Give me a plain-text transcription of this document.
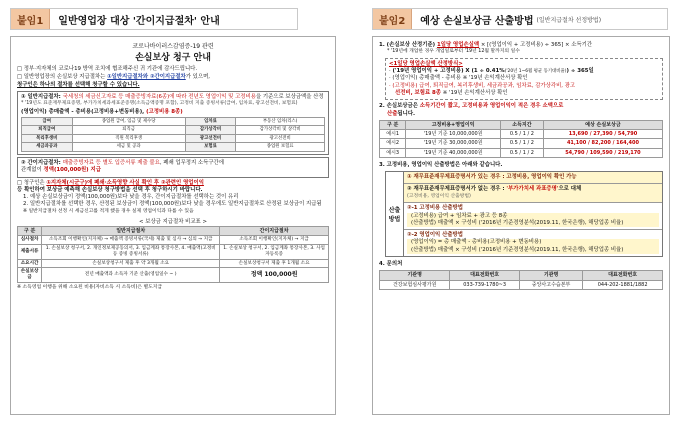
붙임1	일반영업장 대상 '간이지급절차' 안내	붙임2	예상 손실보상금 산출방법 (일반지급절차 선정방법)
코로나바이러스감염증-19 관련
손실보상 청구 안내
□ 정부·지자체의 코로나19 방역 조치에 협조해주신 귀 기관에 감사드립니다.
□ 일반영업장의 손실보상 지급절차는 ①일반지급절차와 ②간이지급절차가 있으며,
청구인은 하나의 절차를 선택해 청구할 수 있습니다.
① 일반지급절차: 국세청의 세금신고자료 등 매출증빙자료(6종)에 따라 전년도 영업이익 및 고정비용을 기준으로 보상금액을 산정
* '19년도 표준재무제표증명, 부가가치세과세표준증명(소득금액증명 포함), 고정비 지출 증빙서류(급여, 임차료, 광고선전비, 보험료)
(영업이익) 총매출액 - 총비용(고정비용+변동비용), (고정비용 8종)
급여	종업원 급여, 임금 및 제수당	임차료	부동산 임차(리스)
퇴직급여	퇴직금	감가상각비	감가상각비 및 상각비
복리후생비	직원 복리후생	광고선전비	광고선전비
세금과공과	세금 및 공과	보험료	종업원 보험료
② 간이지급절차: 매출증빙자료 등 별도 입증서류 제출 불요, 폐쇄 업무정지 소득구간에
관계없이 정액(100,000원) 지급
□ 청구인은 ①지자체(시군구)에 폐쇄·소득영향 사실 확인 후 ②관련인 영업이익
등 확인하여 보상금 예측해 손실보상 청구방법을 선택 후 청구하시기 바랍니다.
1. 예상 손실보상금이 정액(100,000원)보다 낮을 경우, 간이지급절차를 선택하는 것이 유리
2. 일반지급절차를 선택한 경우, 산정된 보상금이 정액(100,000원)보다 낮을 경우에도 일반지급절차로 산정된 보상금이 지급됨
※ 일반지급절차 선정 시 세금신고를 적게 했을 경우 실제 영업이익과 다를 수 있음
< 보상금 지급절차 비교표 >
구 분	일반지급절차	간이지급절차
심사절차	소득조회 이행확인(지자체) → 매출액 증빙서류(국세) 제출 및 심사 → 심의 → 지급	소득조회 이행확인(지자체) → 지급
제출서류	1. 손실보상 청구서, 2. 개인정보제공동의서, 3. 입금계좌 통장사본, 4. 매출액(고정비 등 증빙 증빙서류)	1. 손실보상 청구서, 2. 입금계좌 통장사본, 3. 사업자등록증
소요시간	손실보상청구서 제출 후 약 3개월 소요	손실보상청구서 제출 후 1개월 소요
손실보상금	전년 매출액과 소득자 기준 산출(영업일수 ~ )	정액 100,000원
※ 소득영업 이행을 위해 소요된 비용(자비소득 시 소득비)은 별도지급
1. (손실보상 산정기준) 1일당 영업손실액 × [(영업이익 + 고정비용) ÷ 365] × 소득기간
* '19년에 개업한 경우 개업일로부터 '19년 12월 말까지의 일수
<1일당 영업손실액 산정방식>
· ('19년 영업이익 + 고정비용) X (1 ÷ 0.41%('20년 1~6월 평균 동기대비율)) ÷ 365일
· (영업이익) 총매출액 - 총비용 ※ '19년 손익계산서상 확인
· (고정비용) 급여, 퇴직급여, 복리후생비, 세금과공과, 임차료, 감가상각비, 광고
선전비, 보험료 8종 ※ '19년 손익계산서상 확인
2. 손실보상금은 소득기간이 짧고, 고정비용과 영업이익이 적은 경우 소액으로
산출됩니다.
구 분	고정비용+영업이익	소득지간	예상 손실보상금
예시1	'19년 기준 10,000,000원	0.5 / 1 / 2	13,690 / 27,390 / 54,790
예시2	'19년 기준 30,000,000원	0.5 / 1 / 2	41,100 / 82,200 / 164,400
예시3	'19년 기준 40,000,000원	0.5 / 1 / 2	54,790 / 109,590 / 219,170
3. 고정비용, 영업이익 산출방법은 아래와 같습니다.
산출
방법
① 재무표준재무제표증명서가 있는 경우 : 고정비용, 영업이익 확인 가능
② 재무표준재무제표증명서가 없는 경우 : '부가가치세 과표증명'으로 대체
(고정비용, 영업이익 산출방법)
②-1 고정비용 산출방법
(고정비용) 급여 + 임차료 + 광고 등 8종
(산출방법) 매출액 × 구성비 ('2016년 기준경영분석(2019.11, 한국은행), 해당업종 비율)
②-2 영업이익 산출방법
(영업이익) = 총 매출액 - 총비용(고정비용 + 변동비용)
(산출방법) 매출액 × 구성비 ('2016년 기준경영분석(2019.11, 한국은행), 해당업종 비율)
4. 문의처
기관명	대표전화번호	기관명	대표전화번호
건강보험심사평가원	033-739-1780~3	중앙사고수습본부	044-202-1881/1882
